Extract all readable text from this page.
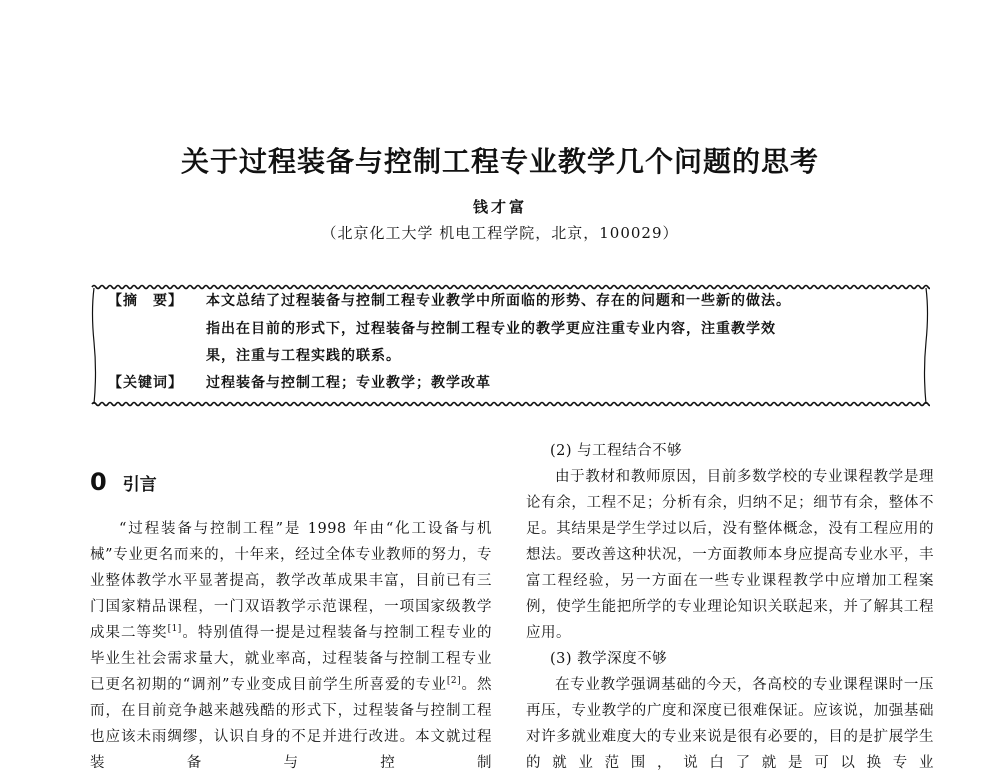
关于过程装备与控制工程专业教学几个问题的思考
钱才富
（北京化工大学 机电工程学院，北京，100029）
【摘　要】 本文总结了过程装备与控制工程专业教学中所面临的形势、存在的问题和一些新的做法。
指出在目前的形式下，过程装备与控制工程专业的教学更应注重专业内容，注重教学效
果，注重与工程实践的联系。
【关键词】 过程装备与控制工程；专业教学；教学改革
0 引言

“过程装备与控制工程”是 1998 年由“化工设备与机械”专业更名而来的，十年来，经过全体专业教师的努力，专业整体教学水平显著提高，教学改革成果丰富，目前已有三门国家精品课程，一门双语教学示范课程，一项国家级教学成果二等奖[1]。特别值得一提是过程装备与控制工程专业的毕业生社会需求量大，就业率高，过程装备与控制工程专业已更名初期的“调剂”专业变成目前学生所喜爱的专业[2]。然而，在目前竞争越来越残酷的形式下，过程装备与控制工程也应该未雨绸缪，认识自身的不足并进行改进。本文就过程装备与控制

(2) 与工程结合不够

由于教材和教师原因，目前多数学校的专业课程教学是理论有余，工程不足；分析有余，归纳不足；细节有余，整体不足。其结果是学生学过以后，没有整体概念，没有工程应用的想法。要改善这种状况，一方面教师本身应提高专业水平，丰富工程经验，另一方面在一些专业课程教学中应增加工程案例，使学生能把所学的专业理论知识关联起来，并了解其工程应用。

(3) 教学深度不够

在专业教学强调基础的今天，各高校的专业课程课时一压再压，专业教学的广度和深度已很难保证。应该说，加强基础对许多就业难度大的专业来说是很有必要的，目的是扩展学生的就业范围，说白了就是可以换专业
